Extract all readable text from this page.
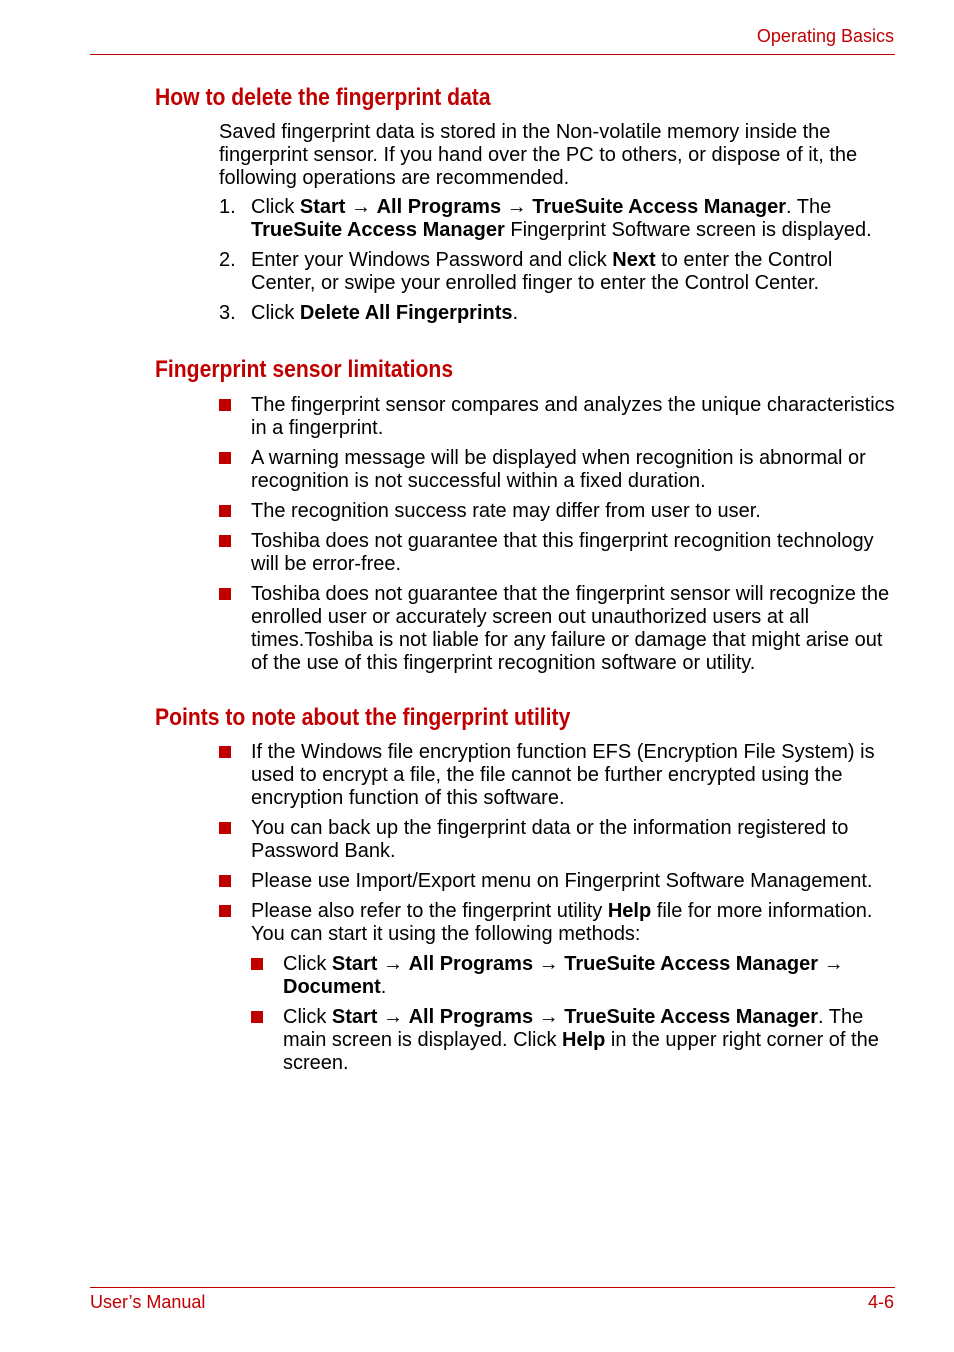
Operating Basics
How to delete the fingerprint data

Saved fingerprint data is stored in the Non-volatile memory inside the fingerprint sensor. If you hand over the PC to others, or dispose of it, the following operations are recommended.

1. Click Start → All Programs → TrueSuite Access Manager. The TrueSuite Access Manager Fingerprint Software screen is displayed.
2. Enter your Windows Password and click Next to enter the Control Center, or swipe your enrolled finger to enter the Control Center.
3. Click Delete All Fingerprints.
Fingerprint sensor limitations
The fingerprint sensor compares and analyzes the unique characteristics in a fingerprint.
A warning message will be displayed when recognition is abnormal or recognition is not successful within a fixed duration.
The recognition success rate may differ from user to user.
Toshiba does not guarantee that this fingerprint recognition technology will be error-free.
Toshiba does not guarantee that the fingerprint sensor will recognize the enrolled user or accurately screen out unauthorized users at all times.Toshiba is not liable for any failure or damage that might arise out of the use of this fingerprint recognition software or utility.
Points to note about the fingerprint utility
If the Windows file encryption function EFS (Encryption File System) is used to encrypt a file, the file cannot be further encrypted using the encryption function of this software.
You can back up the fingerprint data or the information registered to Password Bank.
Please use Import/Export menu on Fingerprint Software Management.
Please also refer to the fingerprint utility Help file for more information. You can start it using the following methods:
Click Start → All Programs → TrueSuite Access Manager → Document.
Click Start → All Programs → TrueSuite Access Manager. The main screen is displayed. Click Help in the upper right corner of the screen.
User’s Manual	4-6
